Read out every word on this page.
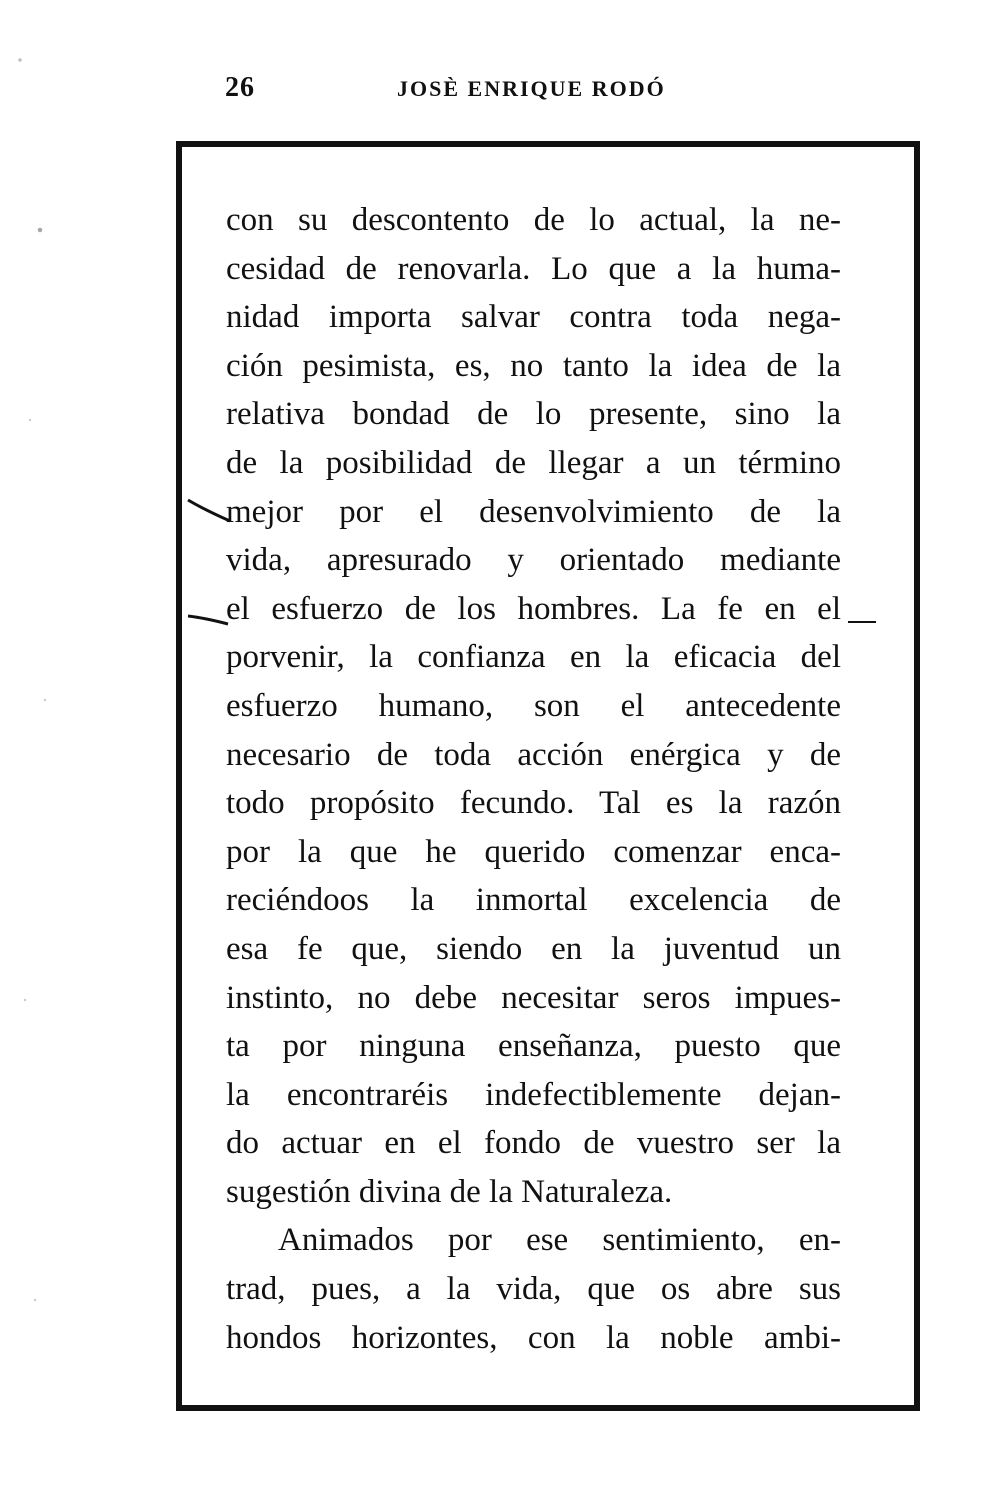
26	JOSÈ ENRIQUE RODÓ
con su descontento de lo actual, la ne-
cesidad de renovarla. Lo que a la huma-
nidad importa salvar contra toda nega-
ción pesimista, es, no tanto la idea de la
relativa bondad de lo presente, sino la
de la posibilidad de llegar a un término
mejor por el desenvolvimiento de la
vida, apresurado y orientado mediante
el esfuerzo de los hombres. La fe en el
porvenir, la confianza en la eficacia del
esfuerzo humano, son el antecedente
necesario de toda acción enérgica y de
todo propósito fecundo. Tal es la razón
por la que he querido comenzar enca-
reciéndoos la inmortal excelencia de
esa fe que, siendo en la juventud un
instinto, no debe necesitar seros impues-
ta por ninguna enseñanza, puesto que
la encontraréis indefectiblemente dejan-
do actuar en el fondo de vuestro ser la
sugestión divina de la Naturaleza.
Animados por ese sentimiento, en-
trad, pues, a la vida, que os abre sus
hondos horizontes, con la noble ambi-
